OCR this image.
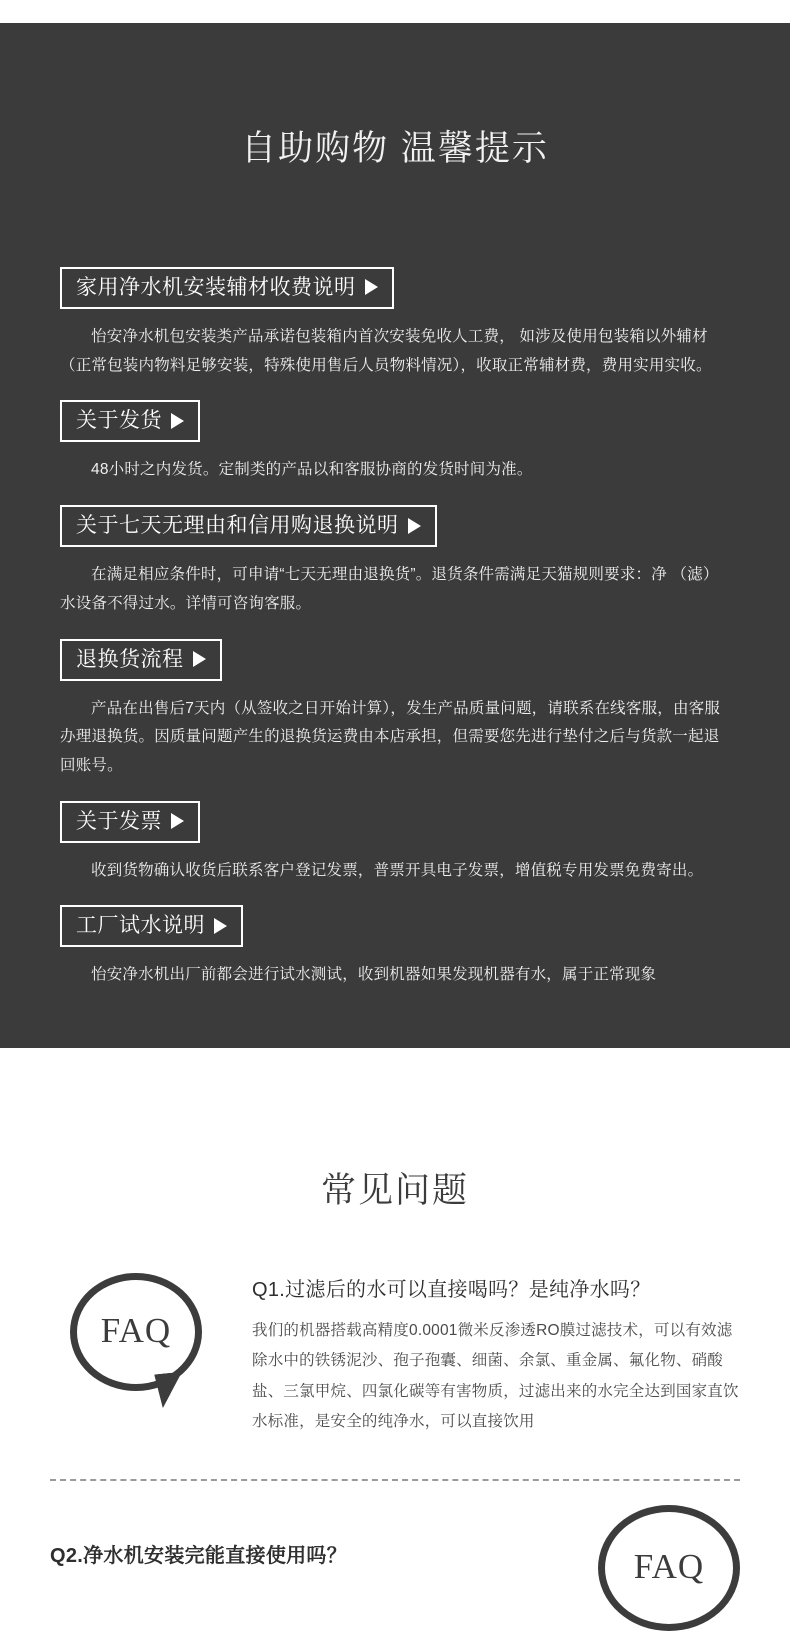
自助购物 温馨提示
家用净水机安装辅材收费说明

怡安净水机包安装类产品承诺包装箱内首次安装免收人工费， 如涉及使用包装箱以外辅材（正常包装内物料足够安装，特殊使用售后人员物料情况），收取正常辅材费，费用实用实收。

关于发货

48小时之内发货。定制类的产品以和客服协商的发货时间为准。

关于七天无理由和信用购退换说明

在满足相应条件时，可申请“七天无理由退换货”。退货条件需满足天猫规则要求：净 （滤）水设备不得过水。详情可咨询客服。

退换货流程

产品在出售后7天内（从签收之日开始计算），发生产品质量问题，请联系在线客服，由客服办理退换货。因质量问题产生的退换货运费由本店承担，但需要您先进行垫付之后与货款一起退回账号。

关于发票

收到货物确认收货后联系客户登记发票，普票开具电子发票，增值税专用发票免费寄出。

工厂试水说明

怡安净水机出厂前都会进行试水测试，收到机器如果发现机器有水，属于正常现象

常见问题
FAQ
Q1.过滤后的水可以直接喝吗？是纯净水吗？

我们的机器搭载高精度0.0001微米反渗透RO膜过滤技术，可以有效滤除水中的铁锈泥沙、孢子孢囊、细菌、余氯、重金属、氟化物、硝酸盐、三氯甲烷、四氯化碳等有害物质，过滤出来的水完全达到国家直饮水标准，是安全的纯净水，可以直接饮用

Q2.净水机安装完能直接使用吗？	FAQ
